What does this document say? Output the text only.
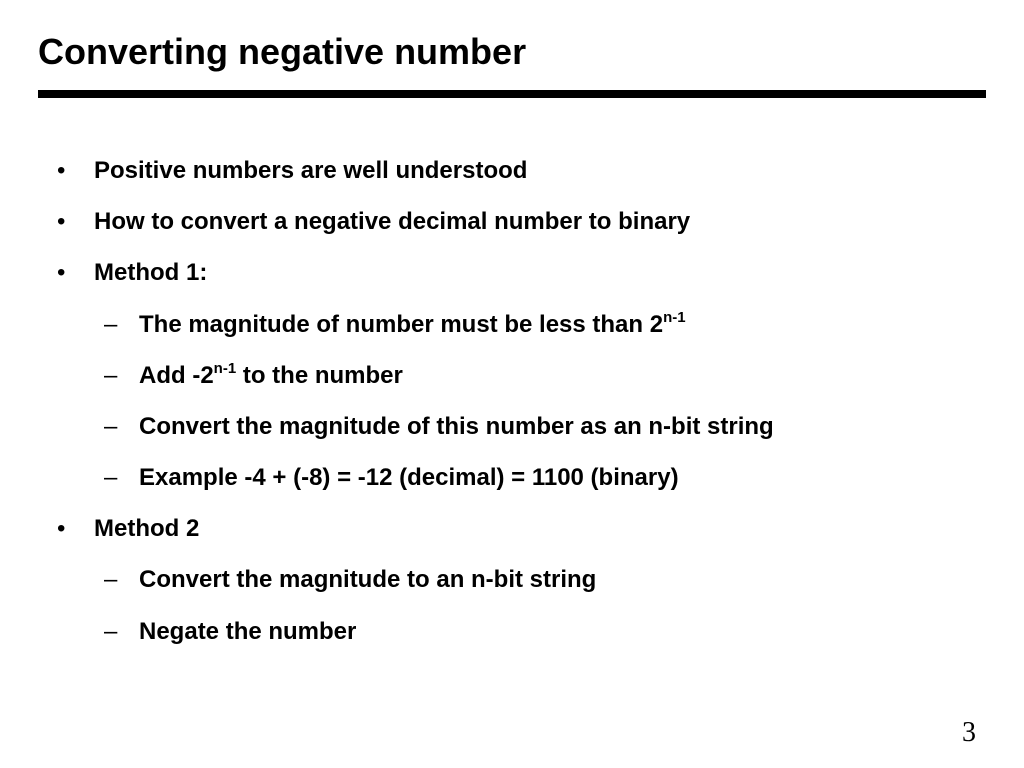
Converting negative number
• Positive numbers are well understood
• How to convert a negative decimal number to binary
• Method 1:
– The magnitude of number must be less than 2$^{n-1}$
– Add -2$^{n-1}$ to the number
– Convert the magnitude of this number as an n-bit string
– Example -4 + (-8) = -12 (decimal) = 1100 (binary)
• Method 2
– Convert the magnitude to an n-bit string
– Negate the number
3
